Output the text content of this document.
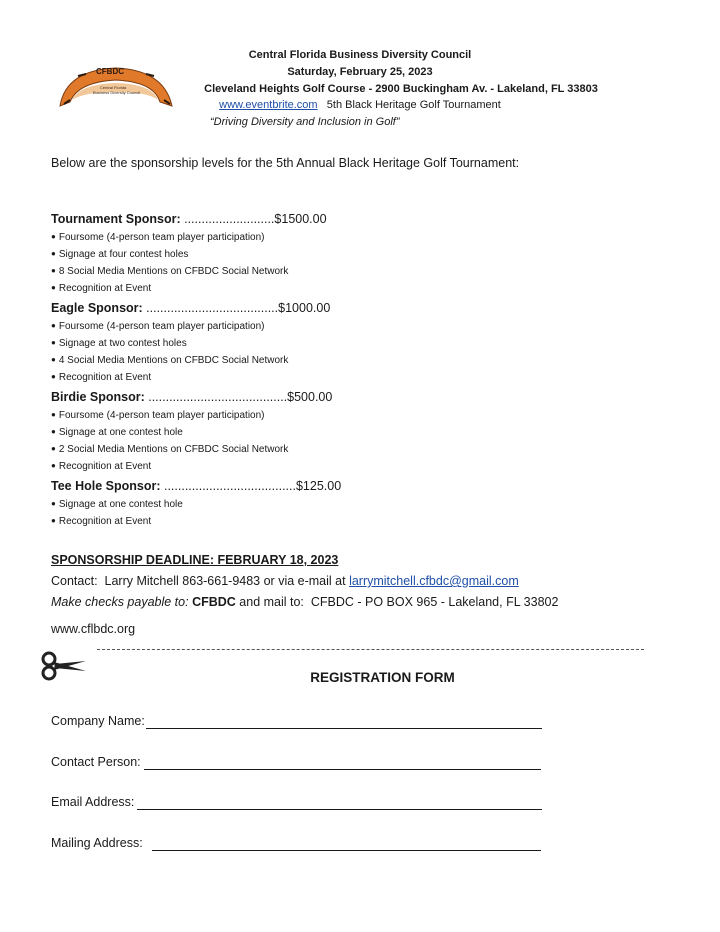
CFBDC
Central Florida
Business Diversity Council
Central Florida Business Diversity Council
Saturday, February 25, 2023
Cleveland Heights Golf Course - 2900 Buckingham Av. - Lakeland, FL 33803
www.eventbrite.com 5th Black Heritage Golf Tournament
“Driving Diversity and Inclusion in Golf”
Below are the sponsorship levels for the 5th Annual Black Heritage Golf Tournament:
Tournament Sponsor: ..........................$1500.00
● Foursome (4-person team player participation)
● Signage at four contest holes
● 8 Social Media Mentions on CFBDC Social Network
● Recognition at Event
Eagle Sponsor: ......................................$1000.00
● Foursome (4-person team player participation)
● Signage at two contest holes
● 4 Social Media Mentions on CFBDC Social Network
● Recognition at Event
Birdie Sponsor: ........................................$500.00
● Foursome (4-person team player participation)
● Signage at one contest hole
● 2 Social Media Mentions on CFBDC Social Network
● Recognition at Event
Tee Hole Sponsor: ......................................$125.00
● Signage at one contest hole
● Recognition at Event
SPONSORSHIP DEADLINE: FEBRUARY 18, 2023
Contact:  Larry Mitchell 863-661-9483 or via e-mail at larrymitchell.cfbdc@gmail.com
Make checks payable to: CFBDC and mail to:  CFBDC - PO BOX 965 - Lakeland, FL 33802
www.cflbdc.org
REGISTRATION FORM
Company Name:
Contact Person:
Email Address:
Mailing Address:
